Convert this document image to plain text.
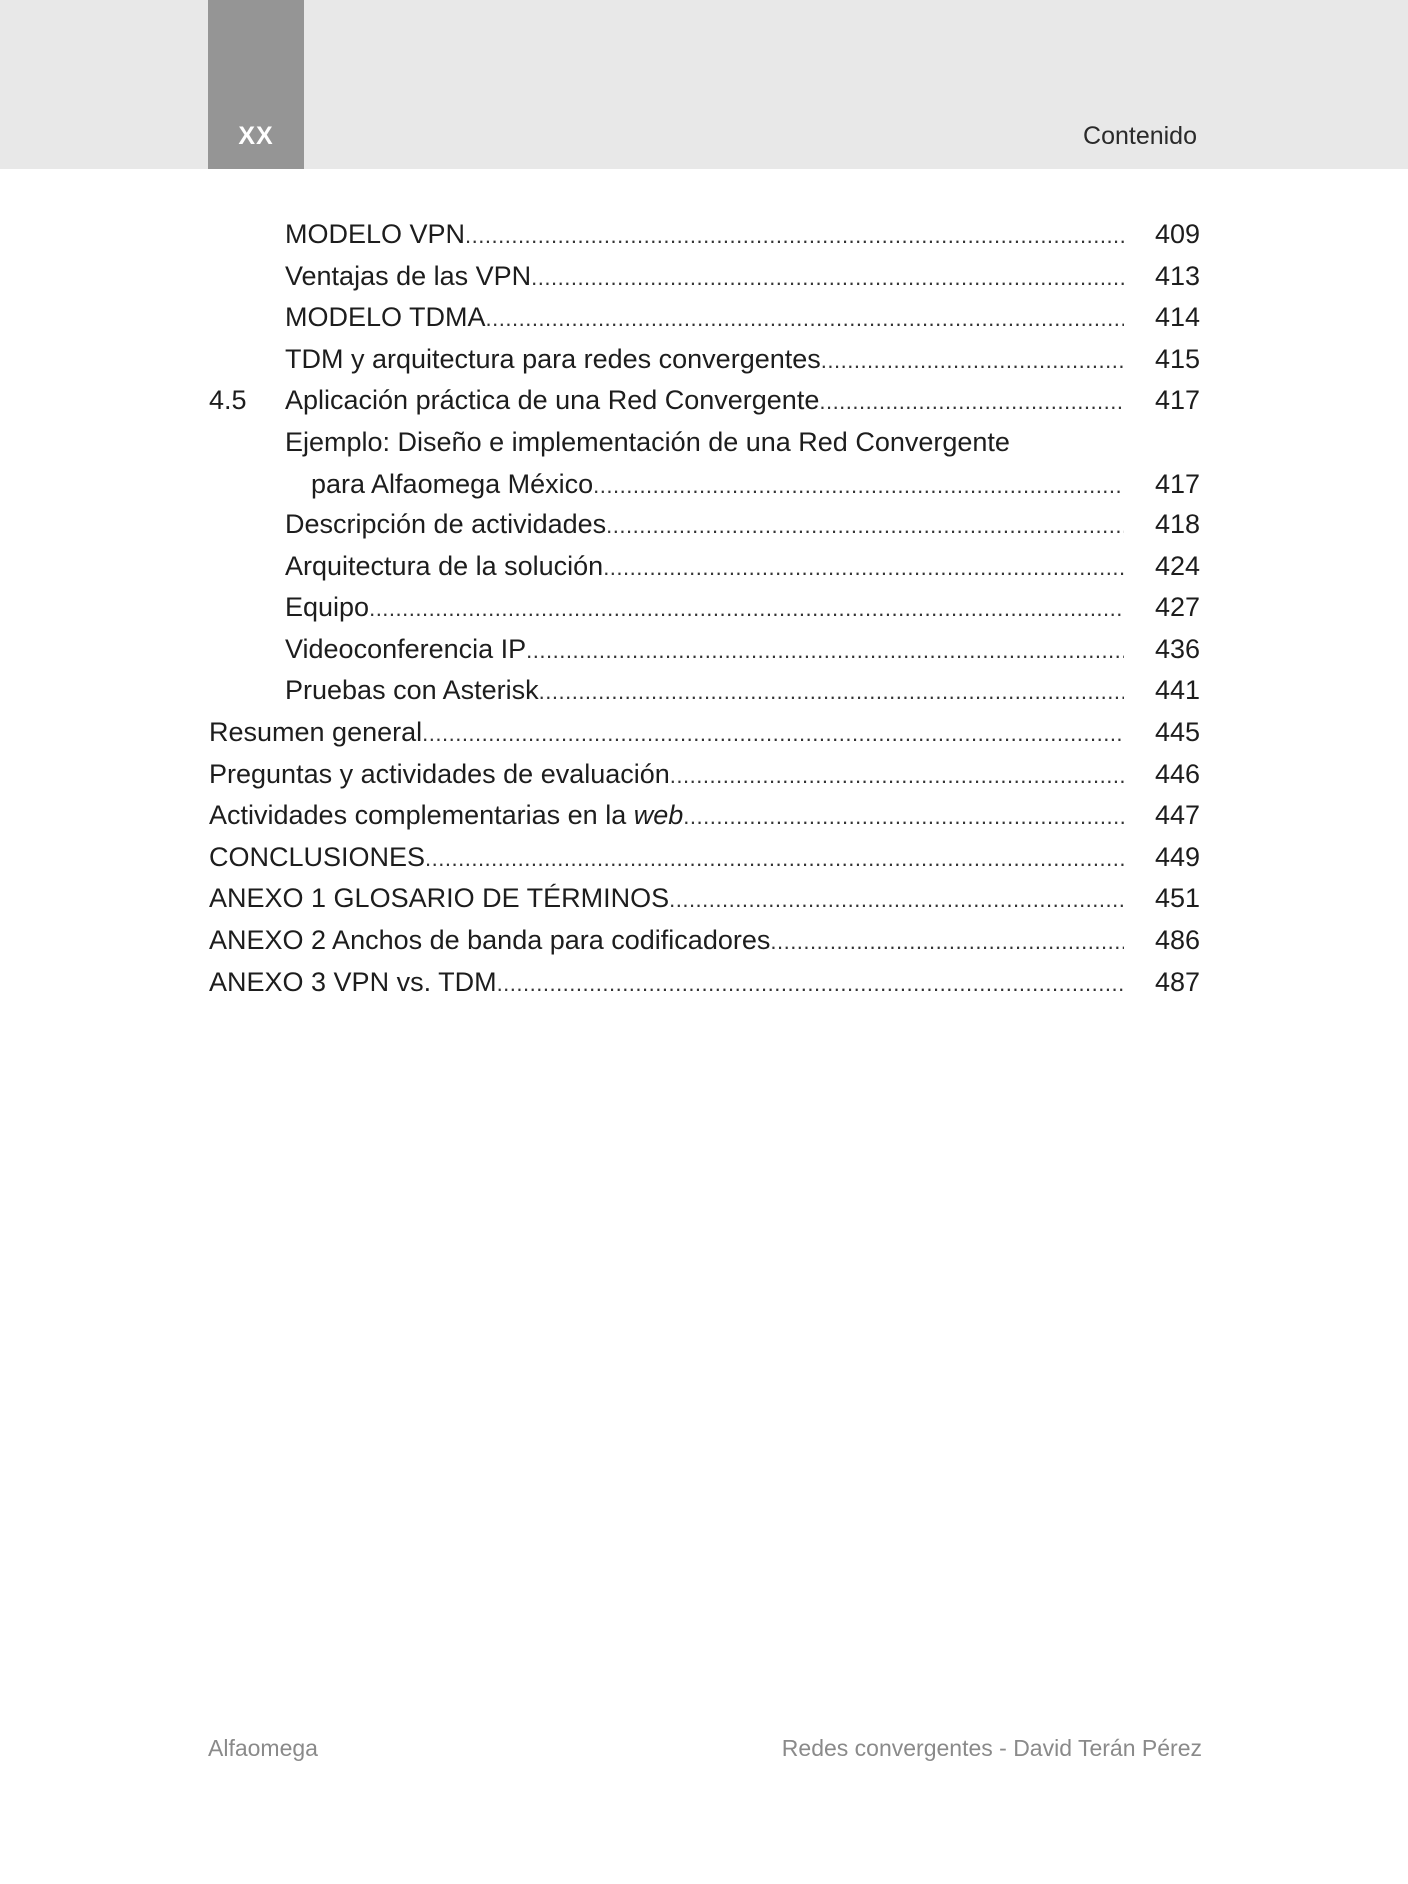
XX	Contenido
MODELO VPN .....	409
Ventajas de las VPN .....	413
MODELO TDMA .....	414
TDM y arquitectura para redes convergentes .....	415
4.5 Aplicación práctica de una Red Convergente .....	417
Ejemplo: Diseño e implementación de una Red Convergente
para Alfaomega México .....	417
Descripción de actividades .....	418
Arquitectura de la solución .....	424
Equipo .....	427
Videoconferencia IP .....	436
Pruebas con Asterisk .....	441
Resumen general .....	445
Preguntas y actividades de evaluación .....	446
Actividades complementarias en la web .....	447
CONCLUSIONES .....	449
ANEXO 1 GLOSARIO DE TÉRMINOS .....	451
ANEXO 2 Anchos de banda para codificadores .....	486
ANEXO 3 VPN vs. TDM .....	487
Alfaomega	Redes convergentes - David Terán Pérez
